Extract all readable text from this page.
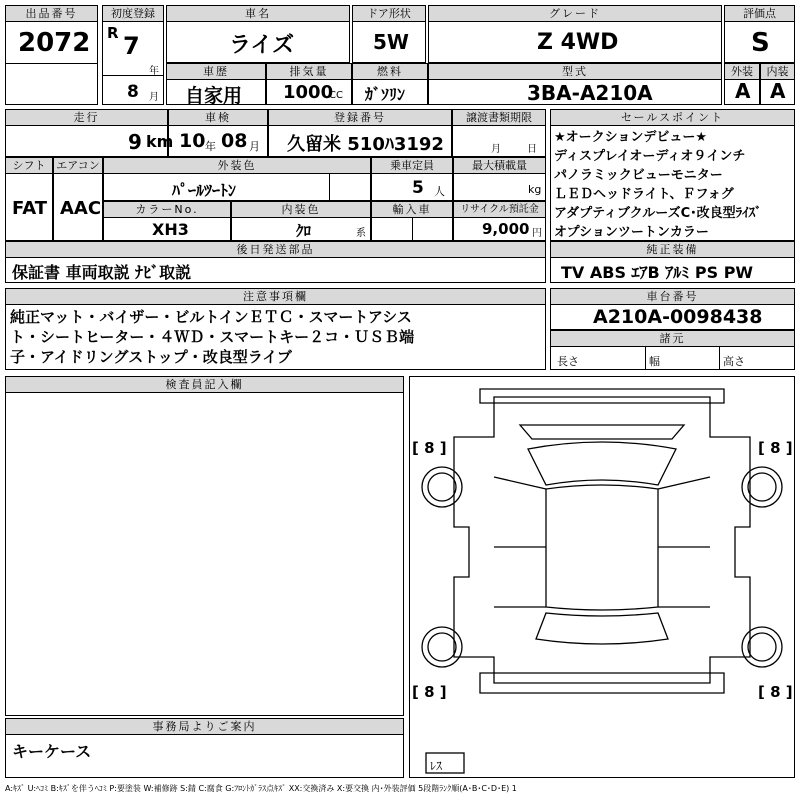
出品番号
2072
初度登録
R 7
年
8 月
車名
ライズ
ドア形状
5W
グレード
Z 4WD
評価点
S
車歴
自家用
排気量
1000
CC
燃料
ｶﾞｿﾘﾝ
型式
3BA-A210A
外装
A
内装
A
走行
9 km
車検
10 年 08 月
登録番号
久留米 510ﾊ3192
譲渡書類期限
月	日
シフト
FAT
エアコン
AAC
外装色
ﾊﾟｰﾙﾂｰﾄﾝ
乗車定員
5 人
最大積載量
kg
カラーNo.
XH3
内装色
ｸﾛ	系
輸入車	リサイクル預託金
9,000 円
後日発送部品
保証書 車両取説 ﾅﾋﾞ取説
セールスポイント
★オークションデビュー★
ディスプレイオーディオ９インチ
パノラミックビューモニター
ＬＥＤヘッドライト、Ｆフォグ
アダプティブクルーズC･改良型ﾗｲｽﾞ
オプションツートンカラー
純正装備
TV ABS ｴｱB ｱﾙﾐ PS PW
注意事項欄
純正マット・バイザー・ビルトインＥＴＣ・スマートアシス
ト・シートヒーター・４ＷＤ・スマートキー２コ・ＵＳＢ端
子・アイドリングストップ・改良型ライブ
車台番号
A210A-0098438
諸元
長さ	幅	高さ
検査員記入欄
事務局よりご案内
キーケース
[ 8 ]	[ 8 ]
[ 8 ]	[ 8 ]
ﾚｽ
A:ｷｽﾞ U:ﾍｺﾐ B:ｷｽﾞを伴うﾍｺﾐ P:要塗装 W:補修跡 S:錆 C:腐食 G:ﾌﾛﾝﾄｶﾞﾗｽ点ｷｽﾞ XX:交換済み X:要交換 内･外装評価 5段階ﾗﾝｸ順(A･B･C･D･E) 1
